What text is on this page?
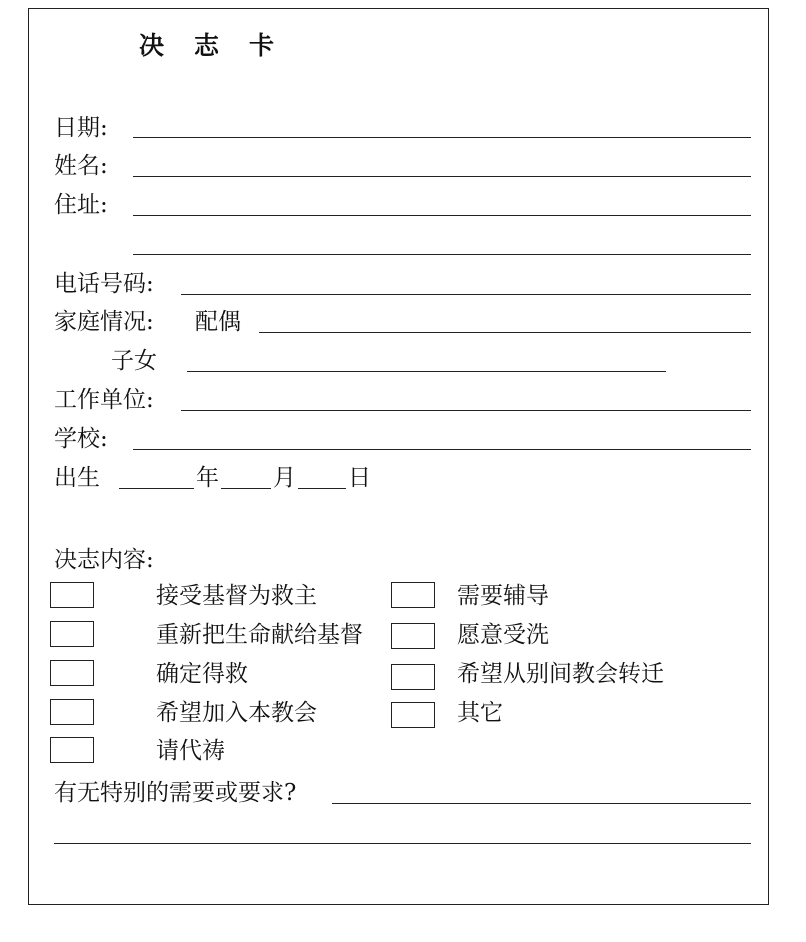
决志卡
日期:
姓名:
住址:
电话号码:
家庭情况: 配偶
子女
工作单位:
学校:
出生	年 月 日
决志内容:
接受基督为救主
重新把生命献给基督
确定得救
希望加入本教会
请代祷
需要辅导
愿意受洗
希望从别间教会转迁
其它
有无特别的需要或要求?
